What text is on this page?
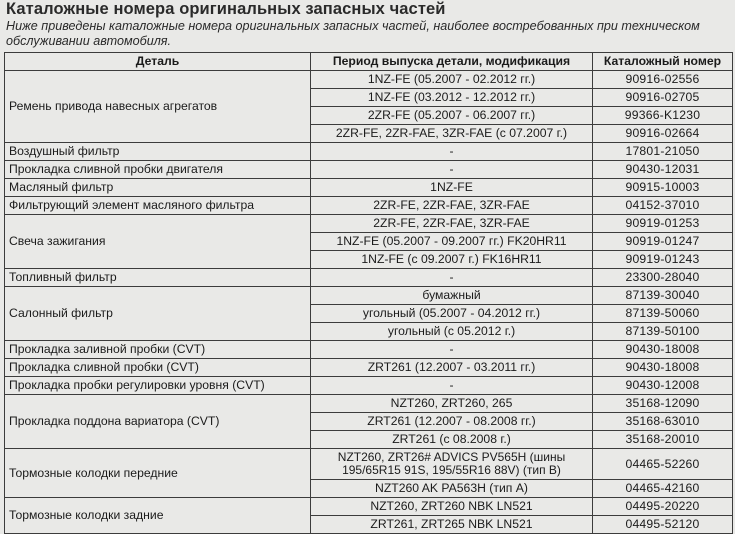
Каталожные номера оригинальных запасных частей
Ниже приведены каталожные номера оригинальных запасных частей, наиболее востребованных при техническом обслуживании автомобиля.
Деталь	Период выпуска детали, модификация	Каталожный номер
Ремень привода навесных агрегатов	1NZ-FE (05.2007 - 02.2012 гг.)	90916-02556
	1NZ-FE (03.2012 - 12.2012 гг.)	90916-02705
	2ZR-FE (05.2007 - 06.2007 гг.)	99366-K1230
	2ZR-FE, 2ZR-FAE, 3ZR-FAE (с 07.2007 г.)	90916-02664
Воздушный фильтр	-	17801-21050
Прокладка сливной пробки двигателя	-	90430-12031
Масляный фильтр	1NZ-FE	90915-10003
Фильтрующий элемент масляного фильтра	2ZR-FE, 2ZR-FAE, 3ZR-FAE	04152-37010
Свеча зажигания	2ZR-FE, 2ZR-FAE, 3ZR-FAE	90919-01253
	1NZ-FE (05.2007 - 09.2007 гг.) FK20HR11	90919-01247
	1NZ-FE (с 09.2007 г.) FK16HR11	90919-01243
Топливный фильтр	-	23300-28040
Салонный фильтр	бумажный	87139-30040
	угольный (05.2007 - 04.2012 гг.)	87139-50060
	угольный (с 05.2012 г.)	87139-50100
Прокладка заливной пробки (CVT)	-	90430-18008
Прокладка сливной пробки (CVT)	ZRT261 (12.2007 - 03.2011 гг.)	90430-18008
Прокладка пробки регулировки уровня (CVT)	-	90430-12008
Прокладка поддона вариатора (CVT)	NZT260, ZRT260, 265	35168-12090
	ZRT261 (12.2007 - 08.2008 гг.)	35168-63010
	ZRT261 (с 08.2008 г.)	35168-20010
Тормозные колодки передние	NZT260, ZRT26# ADVICS PV565H (шины 195/65R15 91S, 195/55R16 88V) (тип B)	04465-52260
	NZT260 AK PA563H (тип A)	04465-42160
Тормозные колодки задние	NZT260, ZRT260 NBK LN521	04495-20220
	ZRT261, ZRT265 NBK LN521	04495-52120
